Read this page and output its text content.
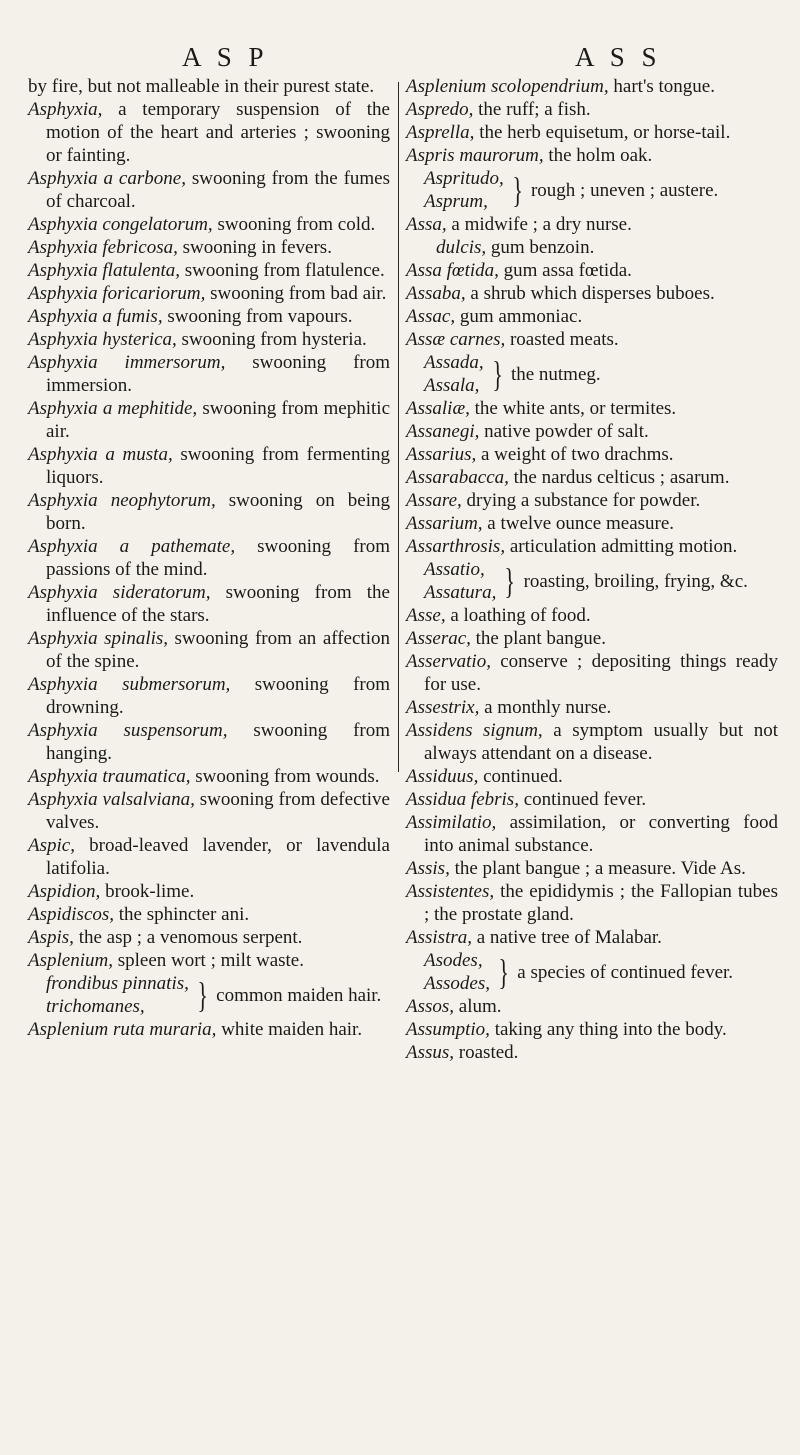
A S P	A S S
by fire, but not malleable in their purest state.
Asphyxia, a temporary suspension of the motion of the heart and arteries ; swooning or fainting.
Asphyxia a carbone, swooning from the fumes of charcoal.
Asphyxia congelatorum, swooning from cold.
Asphyxia febricosa, swooning in fevers.
Asphyxia flatulenta, swooning from flatulence.
Asphyxia foricariorum, swooning from bad air.
Asphyxia a fumis, swooning from vapours.
Asphyxia hysterica, swooning from hysteria.
Asphyxia immersorum, swooning from immersion.
Asphyxia a mephitide, swooning from mephitic air.
Asphyxia a musta, swooning from fermenting liquors.
Asphyxia neophytorum, swooning on being born.
Asphyxia a pathemate, swooning from passions of the mind.
Asphyxia sideratorum, swooning from the influence of the stars.
Asphyxia spinalis, swooning from an affection of the spine.
Asphyxia submersorum, swooning from drowning.
Asphyxia suspensorum, swooning from hanging.
Asphyxia traumatica, swooning from wounds.
Asphyxia valsalviana, swooning from defective valves.
Aspic, broad-leaved lavender, or lavendula latifolia.
Aspidion, brook-lime.
Aspidiscos, the sphincter ani.
Aspis, the asp ; a venomous serpent.
Asplenium, spleen wort ; milt waste.
frondibus pinnatis,
trichomanes,	} common maiden hair.
Asplenium ruta muraria, white maiden hair.
Asplenium scolopendrium, hart's tongue.
Aspredo, the ruff; a fish.
Asprella, the herb equisetum, or horse-tail.
Aspris maurorum, the holm oak.
Aspritudo,
Asprum, } rough ; uneven ; austere.
Assa, a midwife ; a dry nurse.
dulcis, gum benzoin.
Assa fœtida, gum assa fœtida.
Assaba, a shrub which disperses buboes.
Assac, gum ammoniac.
Assæ carnes, roasted meats.
Assada,
Assala, } the nutmeg.
Assaliæ, the white ants, or termites.
Assanegi, native powder of salt.
Assarius, a weight of two drachms.
Assarabacca, the nardus celticus ; asarum.
Assare, drying a substance for powder.
Assarium, a twelve ounce measure.
Assarthrosis, articulation admitting motion.
Assatio,
Assatura, } roasting, broiling, frying, &c.
Asse, a loathing of food.
Asserac, the plant bangue.
Asservatio, conserve ; depositing things ready for use.
Assestrix, a monthly nurse.
Assidens signum, a symptom usually but not always attendant on a disease.
Assiduus, continued.
Assidua febris, continued fever.
Assimilatio, assimilation, or converting food into animal substance.
Assis, the plant bangue ; a measure. Vide As.
Assistentes, the epididymis ; the Fallopian tubes ; the prostate gland.
Assistra, a native tree of Malabar.
Asodes,
Assodes, } a species of continued fever.
Assos, alum.
Assumptio, taking any thing into the body.
Assus, roasted.
